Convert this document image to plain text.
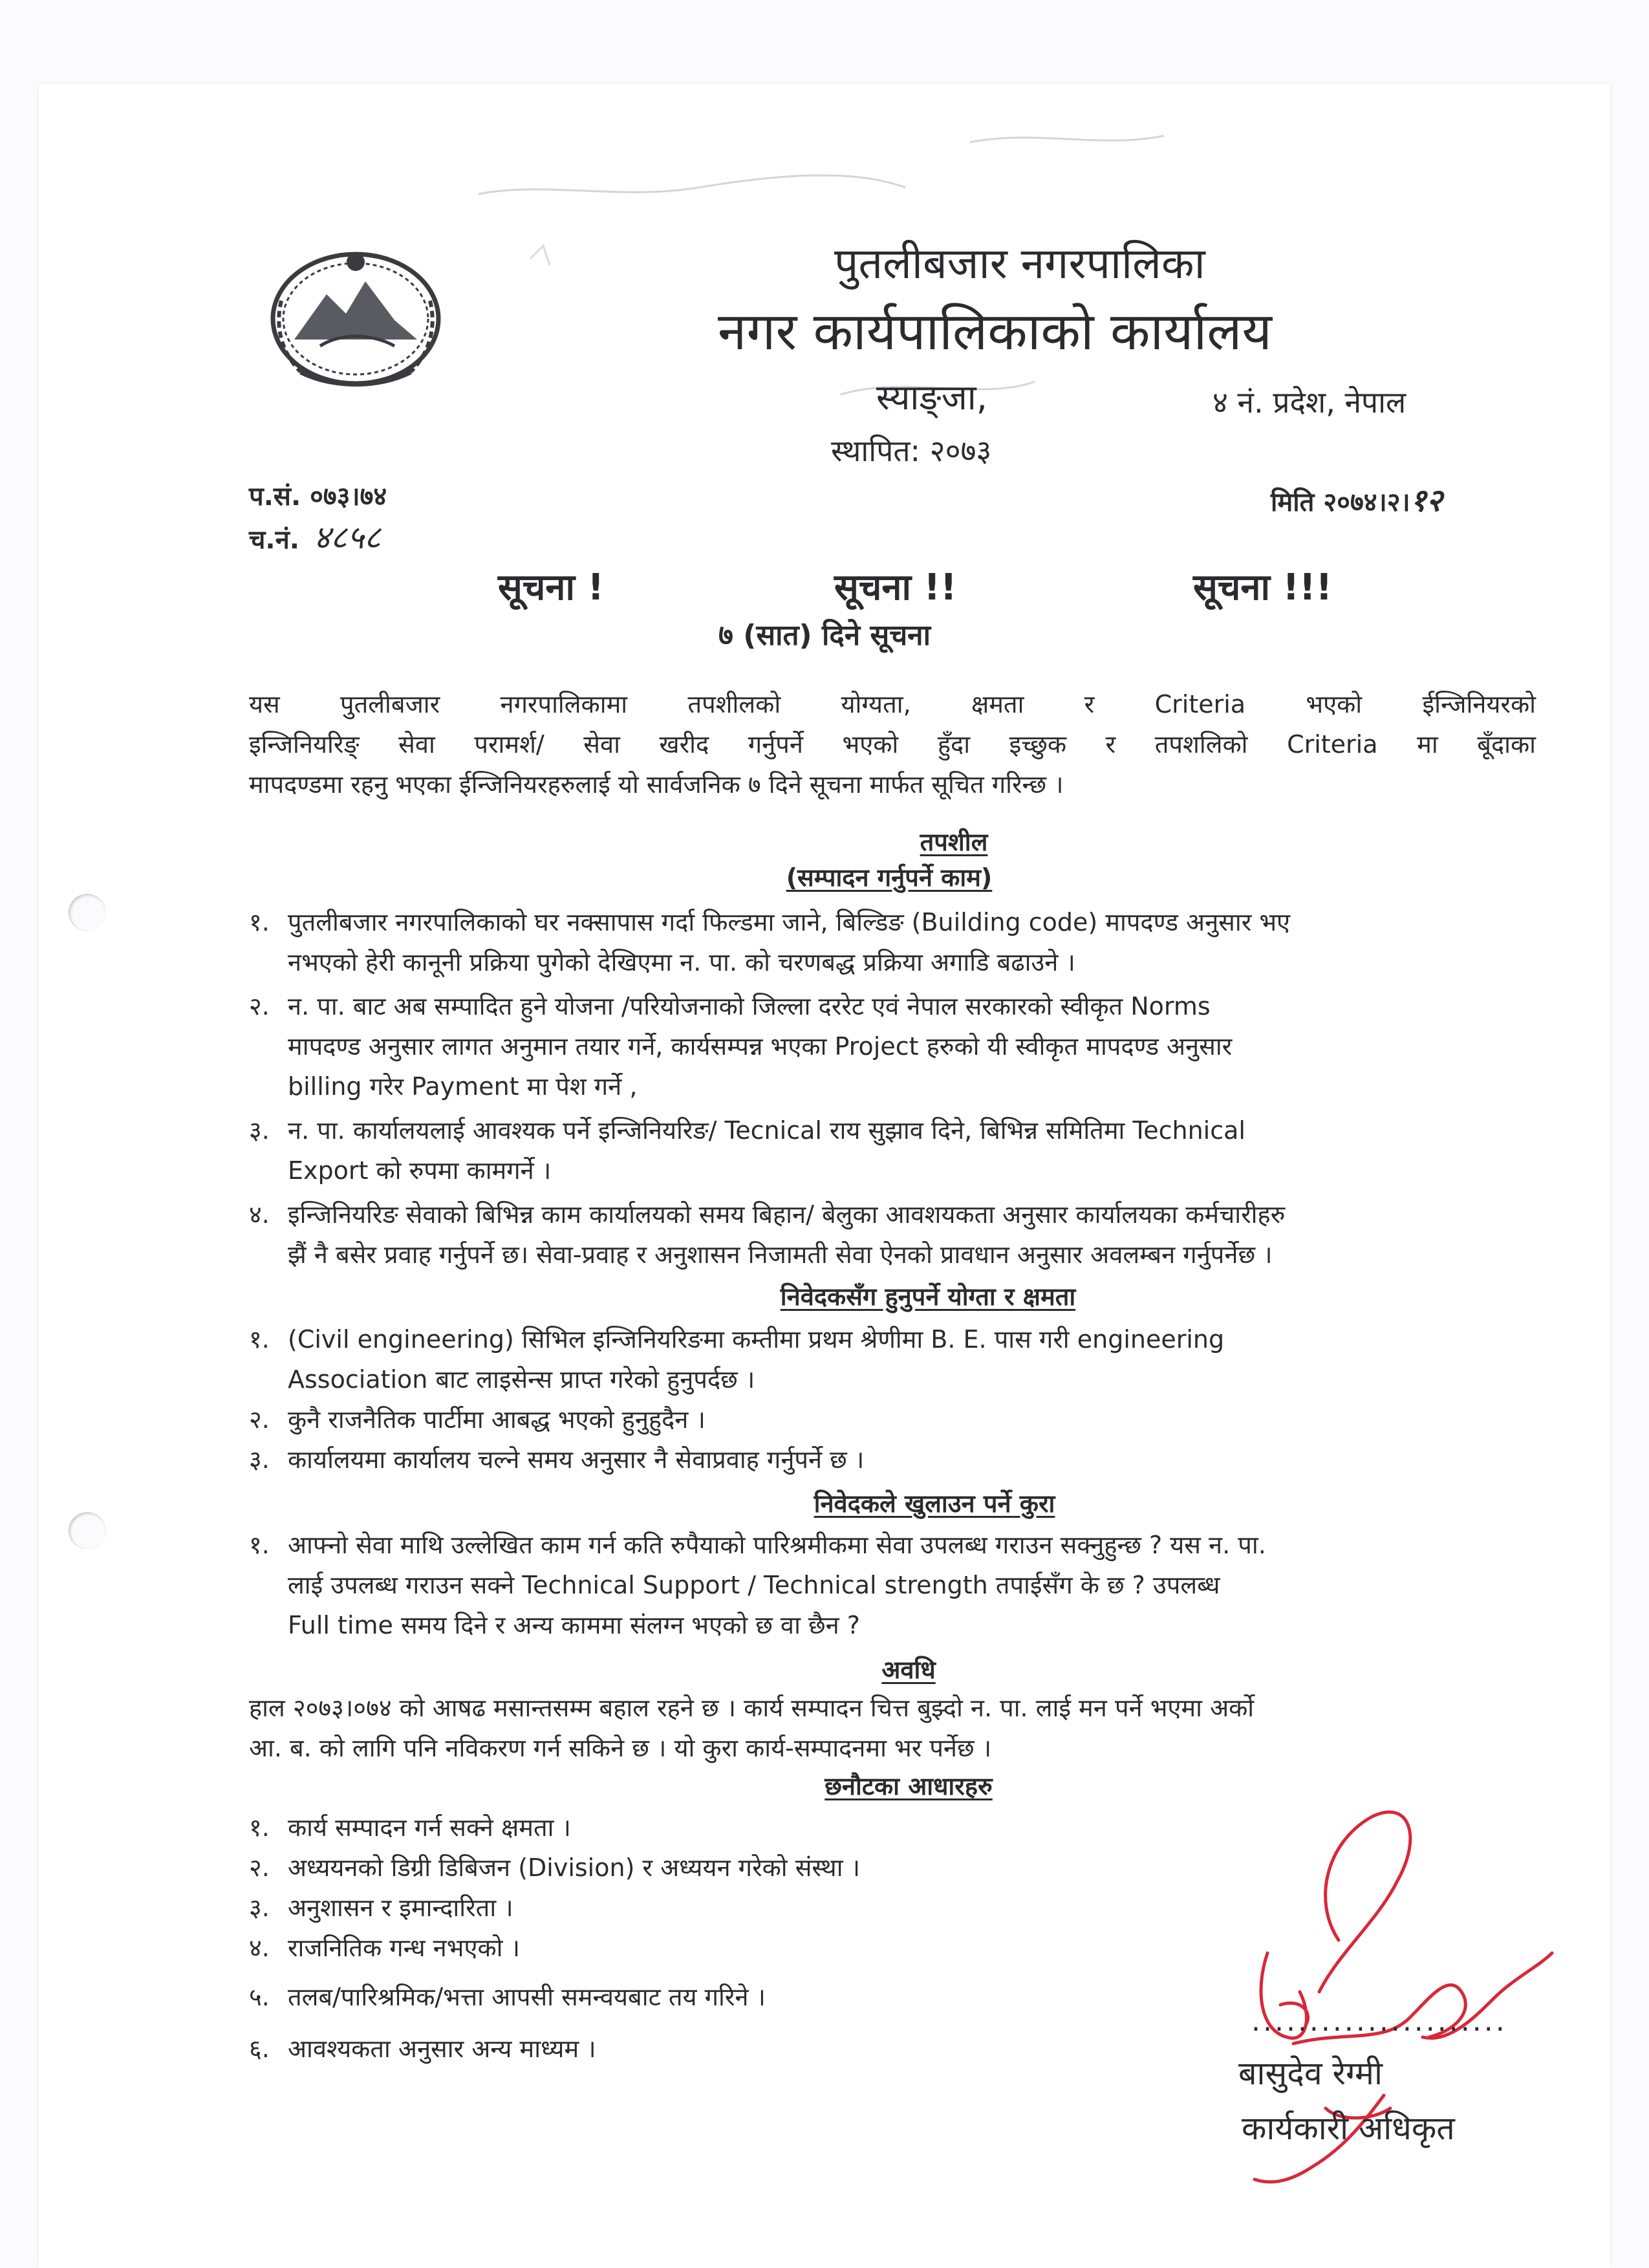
पुतलीबजार नगरपालिका
नगर कार्यपालिकाको कार्यालय
स्याङ्जा,	४ नं. प्रदेश, नेपाल
स्थापित: २०७३
प.सं. ०७३।७४
च.नं. ४८५८
मिति २०७४।२।१२
सूचना !	सूचना !!	सूचना !!!
७ (सात) दिने सूचना
यस पुतलीबजार नगरपालिकामा तपशीलको योग्यता, क्षमता र Criteria भएको ईन्जिनियरको
इन्जिनियरिङ् सेवा परामर्श/ सेवा खरीद गर्नुपर्ने भएको हुँदा इच्छुक र तपशलिको Criteria मा बूँदाका
मापदण्डमा रहनु भएका ईन्जिनियरहरुलाई यो सार्वजनिक ७ दिने सूचना मार्फत सूचित गरिन्छ ।
तपशील
(सम्पादन गर्नुपर्ने काम)
१. पुतलीबजार नगरपालिकाको घर नक्सापास गर्दा फिल्डमा जाने, बिल्डिङ (Building code) मापदण्ड अनुसार भए
नभएको हेरी कानूनी प्रक्रिया पुगेको देखिएमा न. पा. को चरणबद्ध प्रक्रिया अगाडि बढाउने ।
२. न. पा. बाट अब सम्पादित हुने योजना /परियोजनाको जिल्ला दररेट एवं नेपाल सरकारको स्वीकृत Norms
मापदण्ड अनुसार लागत अनुमान तयार गर्ने, कार्यसम्पन्न भएका Project हरुको यी स्वीकृत मापदण्ड अनुसार
billing गरेर Payment मा पेश गर्ने ,
३. न. पा. कार्यालयलाई आवश्यक पर्ने इन्जिनियरिङ/ Tecnical राय सुझाव दिने, बिभिन्न समितिमा Technical
Export को रुपमा कामगर्ने ।
४. इन्जिनियरिङ सेवाको बिभिन्न काम कार्यालयको समय बिहान/ बेलुका आवशयकता अनुसार कार्यालयका कर्मचारीहरु
झैं नै बसेर प्रवाह गर्नुपर्ने छ। सेवा-प्रवाह र अनुशासन निजामती सेवा ऐनको प्रावधान अनुसार अवलम्बन गर्नुपर्नेछ ।
निवेदकसँग हुनुपर्ने योग्ता र क्षमता
१. (Civil engineering) सिभिल इन्जिनियरिङमा कम्तीमा प्रथम श्रेणीमा B. E. पास गरी engineering
Association बाट लाइसेन्स प्राप्त गरेको हुनुपर्दछ ।
२. कुनै राजनैतिक पार्टीमा आबद्ध भएको हुनुहुदैन ।
३. कार्यालयमा कार्यालय चल्ने समय अनुसार नै सेवाप्रवाह गर्नुपर्ने छ ।
निवेदकले खुलाउन पर्ने कुरा
१. आफ्नो सेवा माथि उल्लेखित काम गर्न कति रुपैयाको पारिश्रमीकमा सेवा उपलब्ध गराउन सक्नुहुन्छ ? यस न. पा.
लाई उपलब्ध गराउन सक्ने Technical Support / Technical strength तपाईसँग के छ ? उपलब्ध
Full time समय दिने र अन्य काममा संलग्न भएको छ वा छैन ?
अवधि
हाल २०७३।०७४ को आषढ मसान्तसम्म बहाल रहने छ । कार्य सम्पादन चित्त बुझ्दो न. पा. लाई मन पर्ने भएमा अर्को
आ. ब. को लागि पनि नविकरण गर्न सकिने छ । यो कुरा कार्य-सम्पादनमा भर पर्नेछ ।
छनौटका आधारहरु
१. कार्य सम्पादन गर्न सक्ने क्षमता ।
२. अध्ययनको डिग्री डिबिजन (Division) र अध्ययन गरेको संस्था ।
३. अनुशासन र इमान्दारिता ।
४. राजनितिक गन्ध नभएको ।
५. तलब/पारिश्रमिक/भत्ता आपसी समन्वयबाट तय गरिने ।
६. आवश्यकता अनुसार अन्य माध्यम ।
......................
बासुदेव रेग्मी
कार्यकारी अधिकृत
